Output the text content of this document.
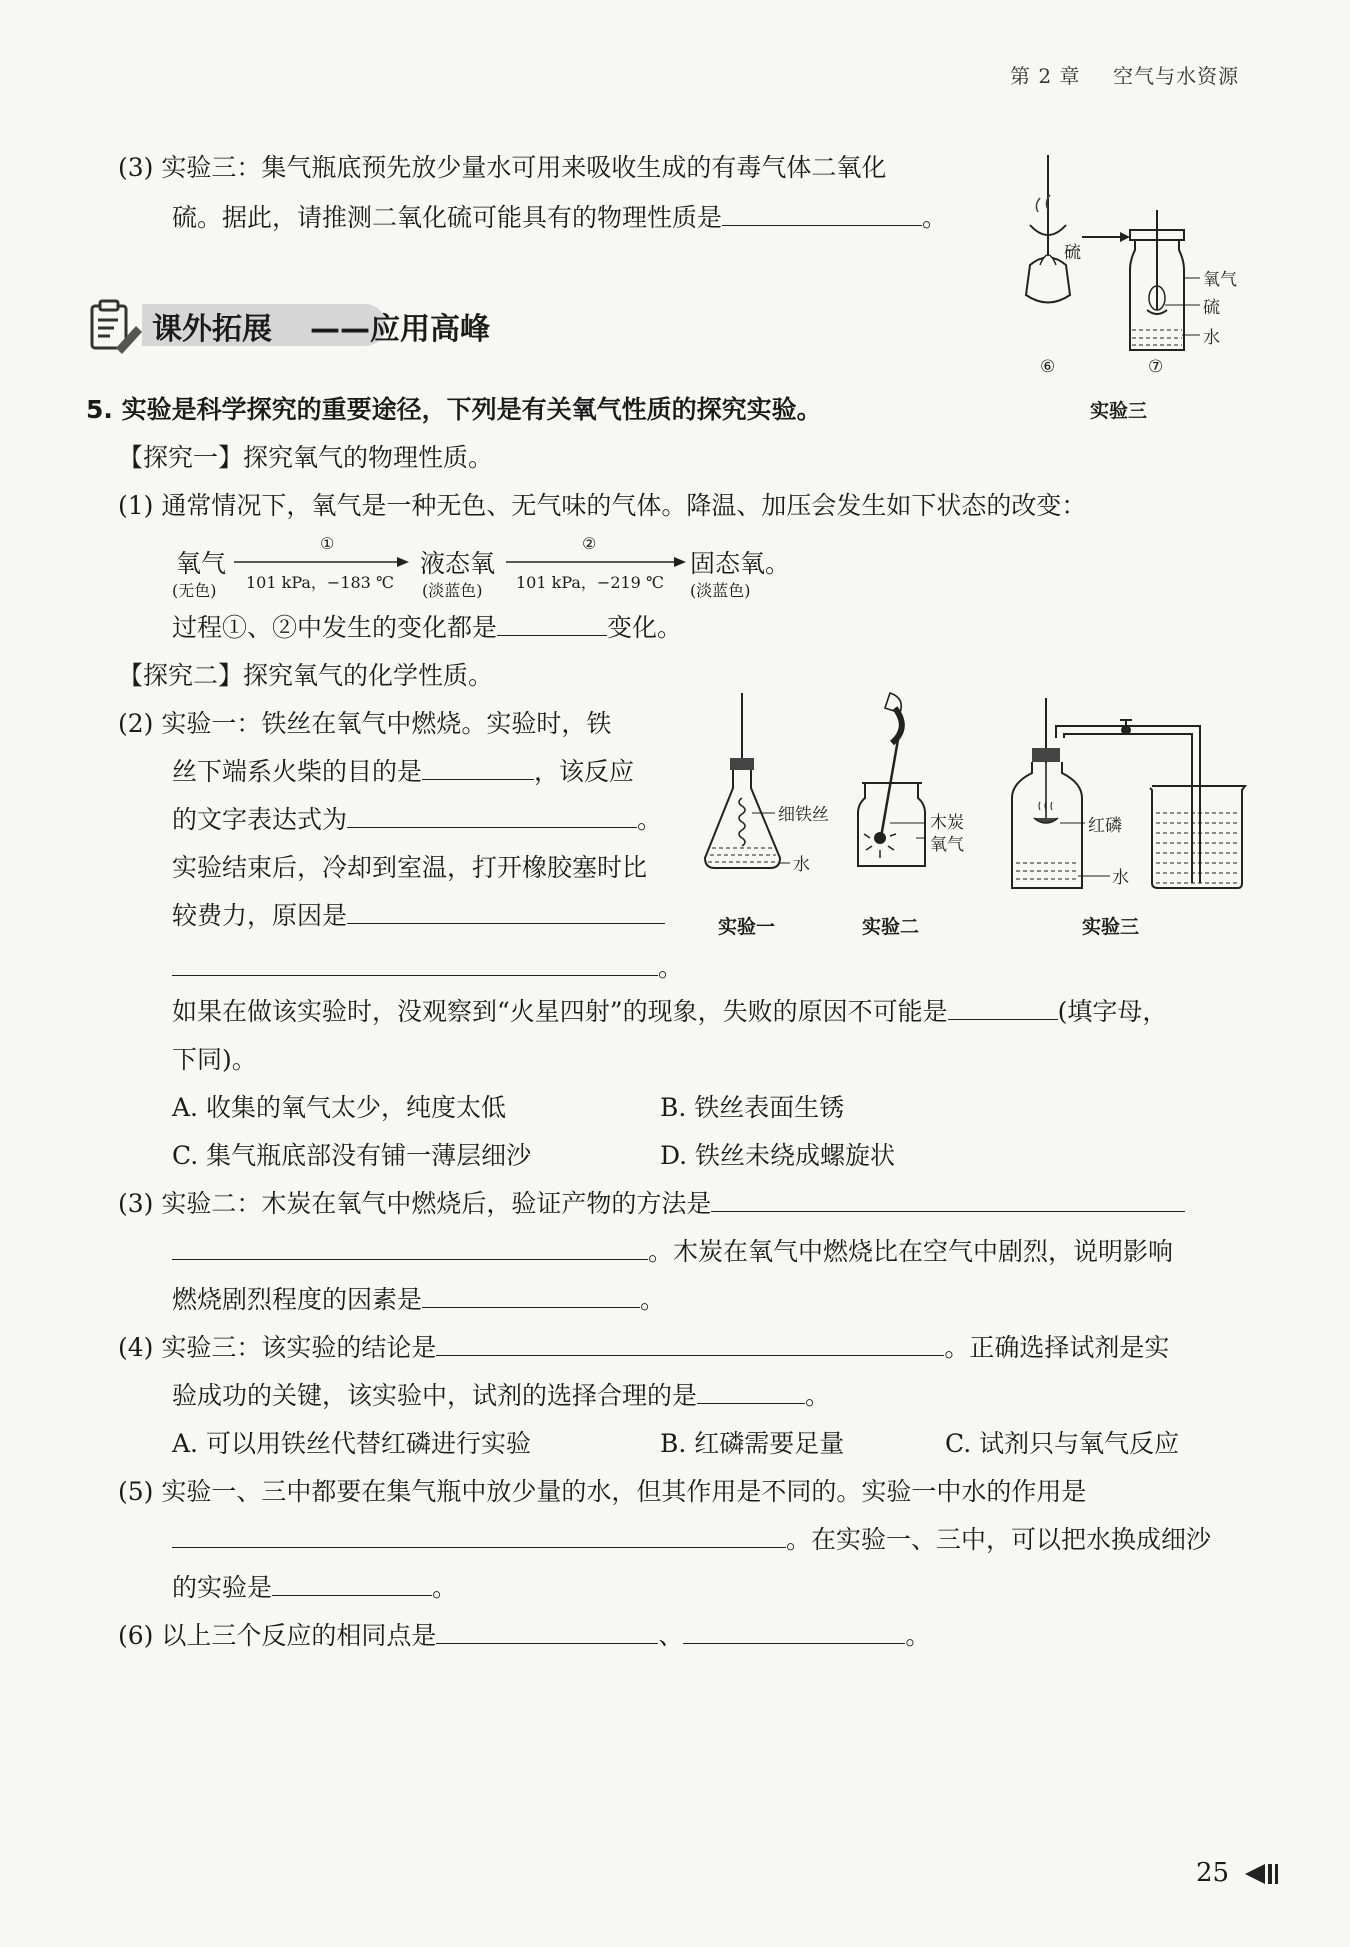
第 2 章 空气与水资源
(3) 实验三：集气瓶底预先放少量水可用来吸收生成的有毒气体二氧化
硫。据此，请推测二氧化硫可能具有的物理性质是	。
课外拓展 ——应用高峰
硫
氧气
硫
水
⑥	⑦
实验三
5. 实验是科学探究的重要途径，下列是有关氧气性质的探究实验。
【探究一】探究氧气的物理性质。
(1) 通常情况下，氧气是一种无色、无气味的气体。降温、加压会发生如下状态的改变：
氧气
(无色)
①
101 kPa，−183 ℃
液态氧
(淡蓝色)
②
101 kPa，−219 ℃
固态氧。
(淡蓝色)
过程①、②中发生的变化都是	变化。
【探究二】探究氧气的化学性质。
(2) 实验一：铁丝在氧气中燃烧。实验时，铁
丝下端系火柴的目的是	，该反应
的文字表达式为	。
实验结束后，冷却到室温，打开橡胶塞时比
较费力，原因是
。
细铁丝
水
木炭
氧气
红磷
水
实验一	实验二	实验三
如果在做该实验时，没观察到“火星四射”的现象，失败的原因不可能是	(填字母，
下同)。
A. 收集的氧气太少，纯度太低	B. 铁丝表面生锈
C. 集气瓶底部没有铺一薄层细沙	D. 铁丝未绕成螺旋状
(3) 实验二：木炭在氧气中燃烧后，验证产物的方法是
。木炭在氧气中燃烧比在空气中剧烈，说明影响
燃烧剧烈程度的因素是	。
(4) 实验三：该实验的结论是	。正确选择试剂是实
验成功的关键，该实验中，试剂的选择合理的是	。
A. 可以用铁丝代替红磷进行实验	B. 红磷需要足量	C. 试剂只与氧气反应
(5) 实验一、三中都要在集气瓶中放少量的水，但其作用是不同的。实验一中水的作用是
。在实验一、三中，可以把水换成细沙
的实验是	。
(6) 以上三个反应的相同点是	、	。
25
